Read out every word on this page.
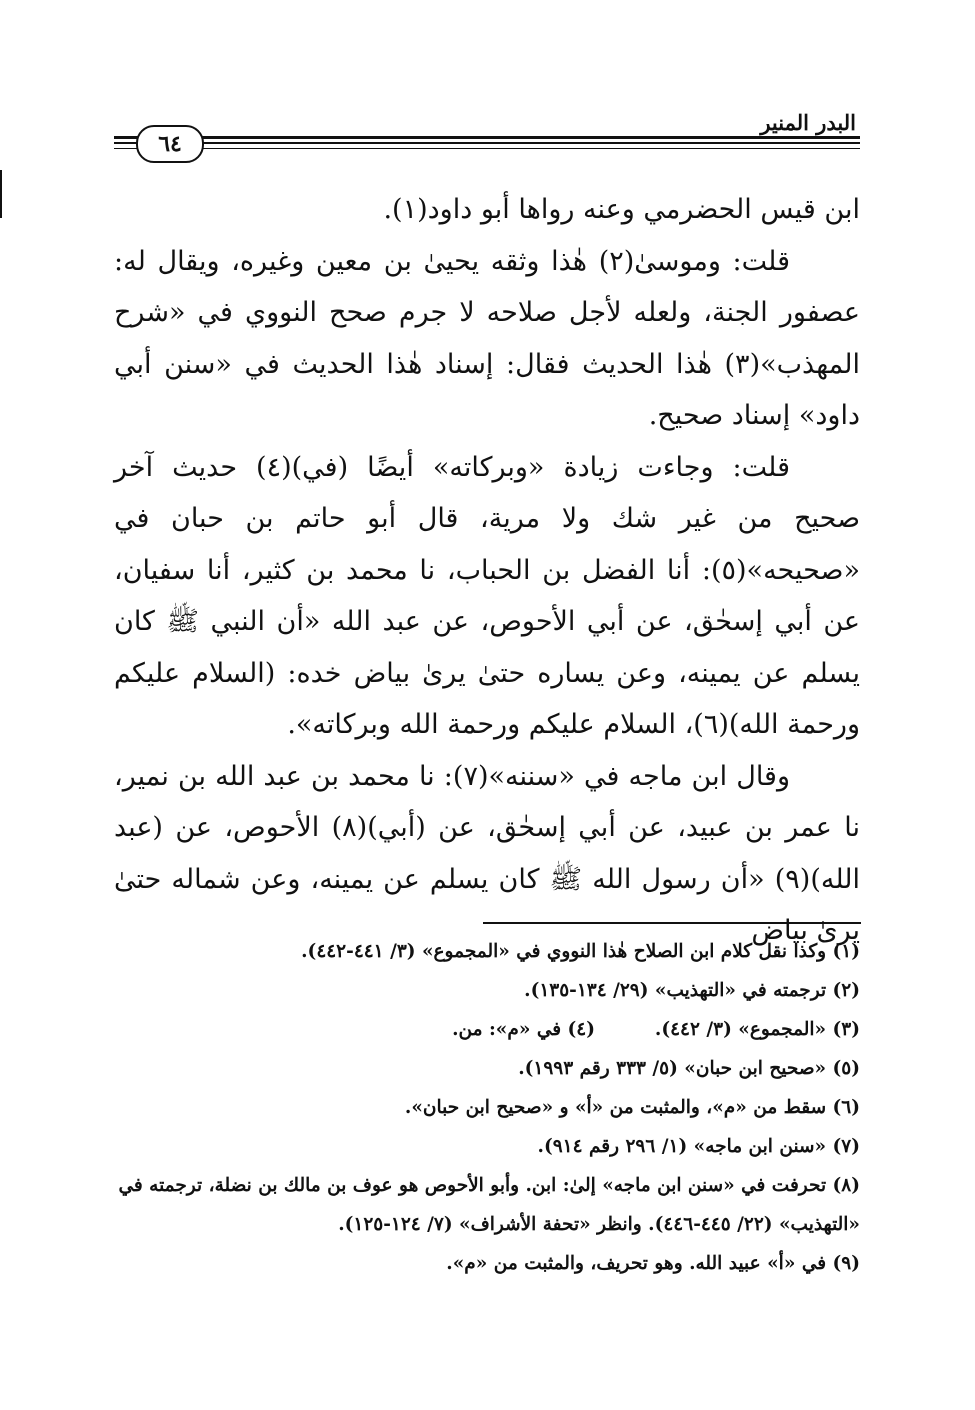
البدر المنير
٦٤

ابن قيس الحضرمي وعنه رواها أبو داود(١).

قلت: وموسىٰ(٢) هٰذا وثقه يحيىٰ بن معين وغيره، ويقال له: عصفور الجنة، ولعله لأجل صلاحه لا جرم صحح النووي في «شرح المهذب»(٣) هٰذا الحديث فقال: إسناد هٰذا الحديث في «سنن أبي داود» إسناد صحيح.

قلت: وجاءت زيادة «وبركاته» أيضًا (في)(٤) حديث آخر صحيح من غير شك ولا مرية، قال أبو حاتم بن حبان في «صحيحه»(٥): أنا الفضل بن الحباب، نا محمد بن كثير، أنا سفيان، عن أبي إسحٰق، عن أبي الأحوص، عن عبد الله «أن النبي ﷺ كان يسلم عن يمينه، وعن يساره حتىٰ يرىٰ بياض خده: (السلام عليكم ورحمة الله)(٦)، السلام عليكم ورحمة الله وبركاته».

وقال ابن ماجه في «سننه»(٧): نا محمد بن عبد الله بن نمير، نا عمر بن عبيد، عن أبي إسحٰق، عن (أبي)(٨) الأحوص، عن (عبد الله)(٩) «أن رسول الله ﷺ كان يسلم عن يمينه، وعن شماله حتىٰ يرىٰ بياض

(١) وكذا نقل كلام ابن الصلاح هٰذا النووي في «المجموع» (٣/ ٤٤١-٤٤٢).

(٢) ترجمته في «التهذيب» (٢٩/ ١٣٤-١٣٥).

(٣) «المجموع» (٣/ ٤٤٢).(٤) في «م»: من.

(٥) «صحيح ابن حبان» (٥/ ٣٣٣ رقم ١٩٩٣).

(٦) سقط من «م»، والمثبت من «أ» و «صحيح ابن حبان».

(٧) «سنن ابن ماجه» (١/ ٢٩٦ رقم ٩١٤).

(٨) تحرفت في «سنن ابن ماجه» إلىٰ: ابن. وأبو الأحوص هو عوف بن مالك بن نضلة، ترجمته في «التهذيب» (٢٢/ ٤٤٥-٤٤٦). وانظر «تحفة الأشراف» (٧/ ١٢٤-١٢٥).

(٩) في «أ» عبيد الله. وهو تحريف، والمثبت من «م».
